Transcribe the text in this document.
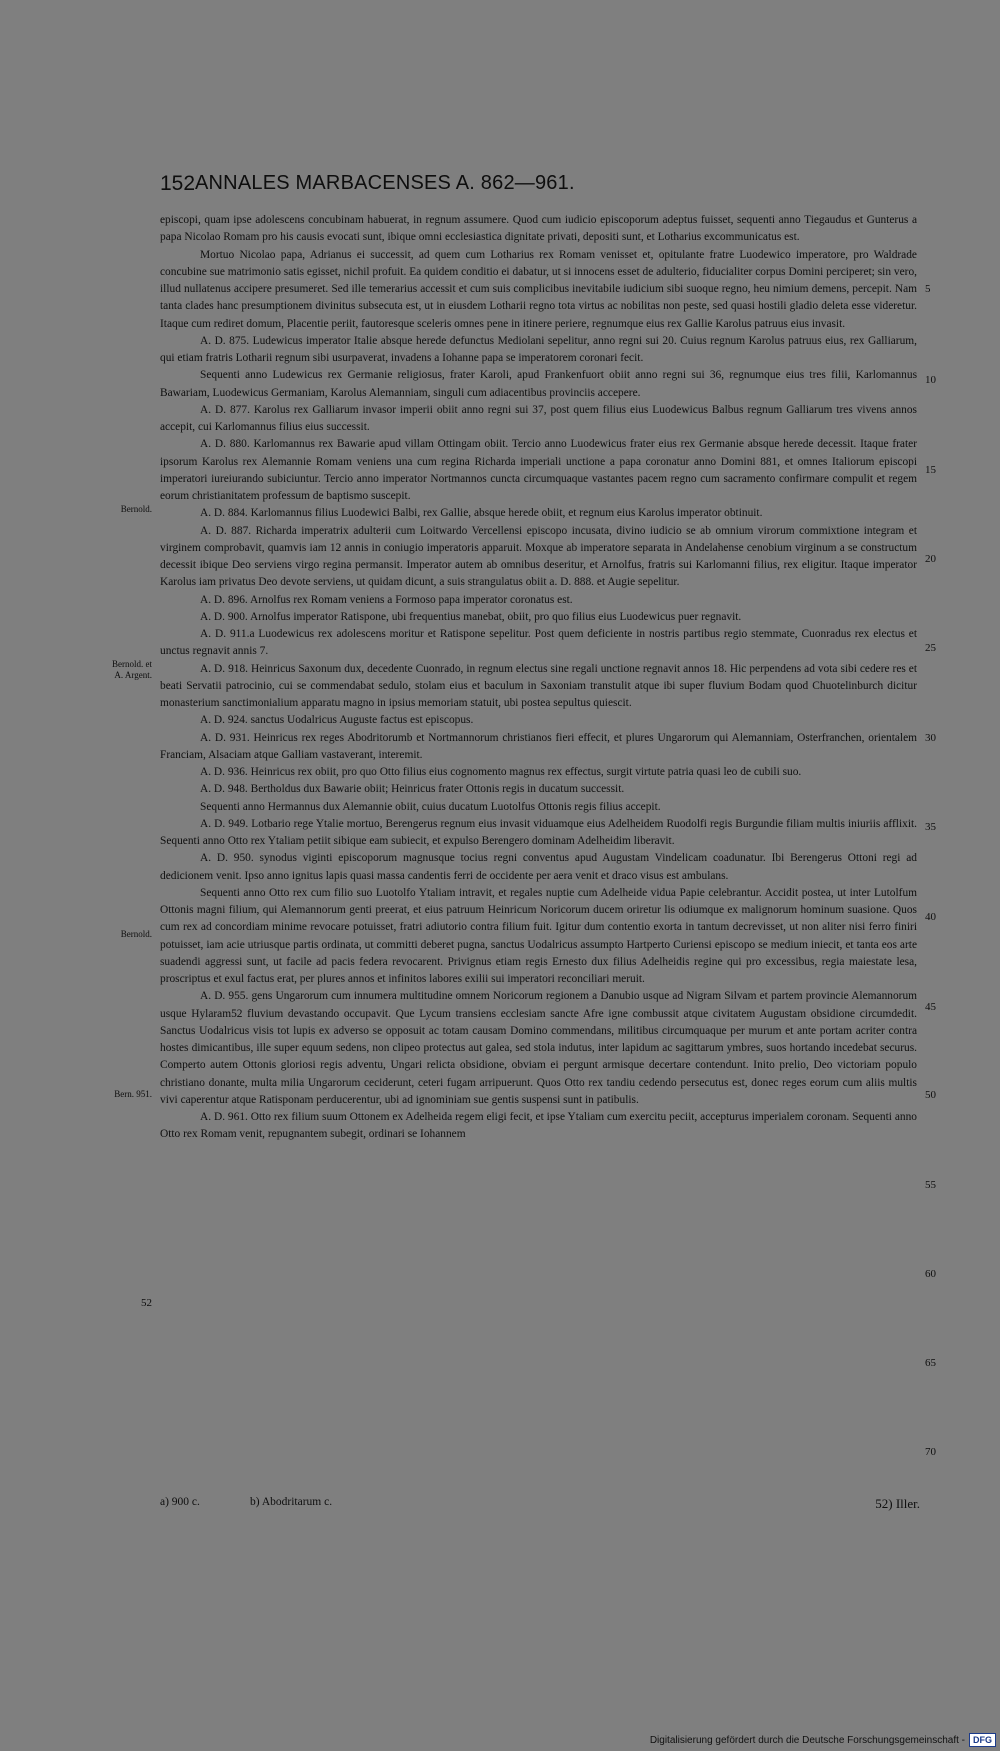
152 ANNALES MARBACENSES A. 862—961.

episcopi, quam ipse adolescens concubinam habuerat, in regnum assumere. Quod cum iudicio episcoporum adeptus fuisset, sequenti anno Tiegaudus et Gunterus a papa Nicolao Romam pro his causis evocati sunt, ibique omni ecclesiastica dignitate privati, depositi sunt, et Lotharius excommunicatus est.

Mortuo Nicolao papa, Adrianus ei successit, ad quem cum Lotharius rex Romam venisset et, opitulante fratre Luodewico imperatore, pro Waldrade concubine sue matrimonio satis egisset, nichil profuit. Ea quidem conditio ei dabatur, ut si innocens esset de adulterio, fiducialiter corpus Domini perciperet; sin vero, illud nullatenus accipere presumeret. Sed ille temerarius accessit et cum suis complicibus inevitabile iudicium sibi suoque regno, heu nimium demens, percepit. Nam tanta clades hanc presumptionem divinitus subsecuta est, ut in eiusdem Lotharii regno tota virtus ac nobilitas non peste, sed quasi hostili gladio deleta esse videretur. Itaque cum rediret domum, Placentie periit, fautoresque sceleris omnes pene in itinere periere, regnumque eius rex Gallie Karolus patruus eius invasit.

A. D. 875. Ludewicus imperator Italie absque herede defunctus Mediolani sepelitur, anno regni sui 20. Cuius regnum Karolus patruus eius, rex Galliarum, qui etiam fratris Lotharii regnum sibi usurpaverat, invadens a Iohanne papa se imperatorem coronari fecit.

Sequenti anno Ludewicus rex Germanie religiosus, frater Karoli, apud Frankenfuort obiit anno regni sui 36, regnumque eius tres filii, Karlomannus Bawariam, Luodewicus Germaniam, Karolus Alemanniam, singuli cum adiacentibus provinciis accepere.

A. D. 877. Karolus rex Galliarum invasor imperii obiit anno regni sui 37, post quem filius eius Luodewicus Balbus regnum Galliarum tres vivens annos accepit, cui Karlomannus filius eius successit.

A. D. 880. Karlomannus rex Bawarie apud villam Ottingam obiit. Tercio anno Luodewicus frater eius rex Germanie absque herede decessit. Itaque frater ipsorum Karolus rex Alemannie Romam veniens una cum regina Richarda imperiali unctione a papa coronatur anno Domini 881, et omnes Italiorum episcopi imperatori iureiurando subiciuntur. Tercio anno imperator Nortmannos cuncta circumquaque vastantes pacem regno cum sacramento confirmare compulit et regem eorum christianitatem professum de baptismo suscepit.

A. D. 884. Karlomannus filius Luodewici Balbi, rex Gallie, absque herede obiit, et regnum eius Karolus imperator obtinuit.

A. D. 887. Richarda imperatrix adulterii cum Loitwardo Vercellensi episcopo incusata, divino iudicio se ab omnium virorum commixtione integram et virginem comprobavit, quamvis iam 12 annis in coniugio imperatoris apparuit. Moxque ab imperatore separata in Andelahense cenobium virginum a se constructum decessit ibique Deo serviens virgo regina permansit. Imperator autem ab omnibus deseritur, et Arnolfus, fratris sui Karlomanni filius, rex eligitur. Itaque imperator Karolus iam privatus Deo devote serviens, ut quidam dicunt, a suis strangulatus obiit a. D. 888. et Augie sepelitur.

A. D. 896. Arnolfus rex Romam veniens a Formoso papa imperator coronatus est.

A. D. 900. Arnolfus imperator Ratispone, ubi frequentius manebat, obiit, pro quo filius eius Luodewicus puer regnavit.

A. D. 911.a Luodewicus rex adolescens moritur et Ratispone sepelitur. Post quem deficiente in nostris partibus regio stemmate, Cuonradus rex electus et unctus regnavit annis 7.

A. D. 918. Heinricus Saxonum dux, decedente Cuonrado, in regnum electus sine regali unctione regnavit annos 18. Hic perpendens ad vota sibi cedere res et beati Servatii patrocinio, cui se commendabat sedulo, stolam eius et baculum in Saxoniam transtulit atque ibi super fluvium Bodam quod Chuotelinburch dicitur monasterium sanctimonialium apparatu magno in ipsius memoriam statuit, ubi postea sepultus quiescit.

A. D. 924. sanctus Uodalricus Auguste factus est episcopus.

A. D. 931. Heinricus rex reges Abodritorumb et Nortmannorum christianos fieri effecit, et plures Ungarorum qui Alemanniam, Osterfranchen, orientalem Franciam, Alsaciam atque Galliam vastaverant, interemit.

A. D. 936. Heinricus rex obiit, pro quo Otto filius eius cognomento magnus rex effectus, surgit virtute patria quasi leo de cubili suo.

A. D. 948. Bertholdus dux Bawarie obiit; Heinricus frater Ottonis regis in ducatum successit.

Sequenti anno Hermannus dux Alemannie obiit, cuius ducatum Luotolfus Ottonis regis filius accepit.

A. D. 949. Lotbario rege Ytalie mortuo, Berengerus regnum eius invasit viduamque eius Adelheidem Ruodolfi regis Burgundie filiam multis iniuriis afflixit. Sequenti anno Otto rex Ytaliam petiit sibique eam subiecit, et expulso Berengero dominam Adelheidim liberavit.

A. D. 950. synodus viginti episcoporum magnusque tocius regni conventus apud Augustam Vindelicam coadunatur. Ibi Berengerus Ottoni regi ad dedicionem venit. Ipso anno ignitus lapis quasi massa candentis ferri de occidente per aera venit et draco visus est ambulans.

Sequenti anno Otto rex cum filio suo Luotolfo Ytaliam intravit, et regales nuptie cum Adelheide vidua Papie celebrantur. Accidit postea, ut inter Lutolfum Ottonis magni filium, qui Alemannorum genti preerat, et eius patruum Heinricum Noricorum ducem oriretur lis odiumque ex malignorum hominum suasione. Quos cum rex ad concordiam minime revocare potuisset, fratri adiutorio contra filium fuit. Igitur dum contentio exorta in tantum decrevisset, ut non aliter nisi ferro finiri potuisset, iam acie utriusque partis ordinata, ut committi deberet pugna, sanctus Uodalricus assumpto Hartperto Curiensi episcopo se medium iniecit, et tanta eos arte suadendi aggressi sunt, ut facile ad pacis federa revocarent. Privignus etiam regis Ernesto dux filius Adelheidis regine qui pro excessibus, regia maiestate lesa, proscriptus et exul factus erat, per plures annos et infinitos labores exilii sui imperatori reconciliari meruit.

A. D. 955. gens Ungarorum cum innumera multitudine omnem Noricorum regionem a Danubio usque ad Nigram Silvam et partem provincie Alemannorum usque Hylaram52 fluvium devastando occupavit. Que Lycum transiens ecclesiam sancte Afre igne combussit atque civitatem Augustam obsidione circumdedit. Sanctus Uodalricus visis tot lupis ex adverso se opposuit ac totam causam Domino commendans, militibus circumquaque per murum et ante portam acriter contra hostes dimicantibus, ille super equum sedens, non clipeo protectus aut galea, sed stola indutus, inter lapidum ac sagittarum ymbres, suos hortando incedebat securus. Comperto autem Ottonis gloriosi regis adventu, Ungari relicta obsidione, obviam ei pergunt armisque decertare contendunt. Inito prelio, Deo victoriam populo christiano donante, multa milia Ungarorum ceciderunt, ceteri fugam arripuerunt. Quos Otto rex tandiu cedendo persecutus est, donec reges eorum cum aliis multis vivi caperentur atque Ratisponam perducerentur, ubi ad ignominiam sue gentis suspensi sunt in patibulis.

A. D. 961. Otto rex filium suum Ottonem ex Adelheida regem eligi fecit, et ipse Ytaliam cum exercitu peciit, accepturus imperialem coronam. Sequenti anno Otto rex Romam venit, repugnantem subegit, ordinari se Iohannem

Bernold.
Bernold. et
A. Argent.
Bernold.
Bern. 951.
52
5
10
15
20
25
30
35
40
45
50
55
60
65
70
a) 900 c.	b) Abodritarum c.	52) Iller.
Digitalisierung gefördert durch die Deutsche Forschungsgemeinschaft - DFG
